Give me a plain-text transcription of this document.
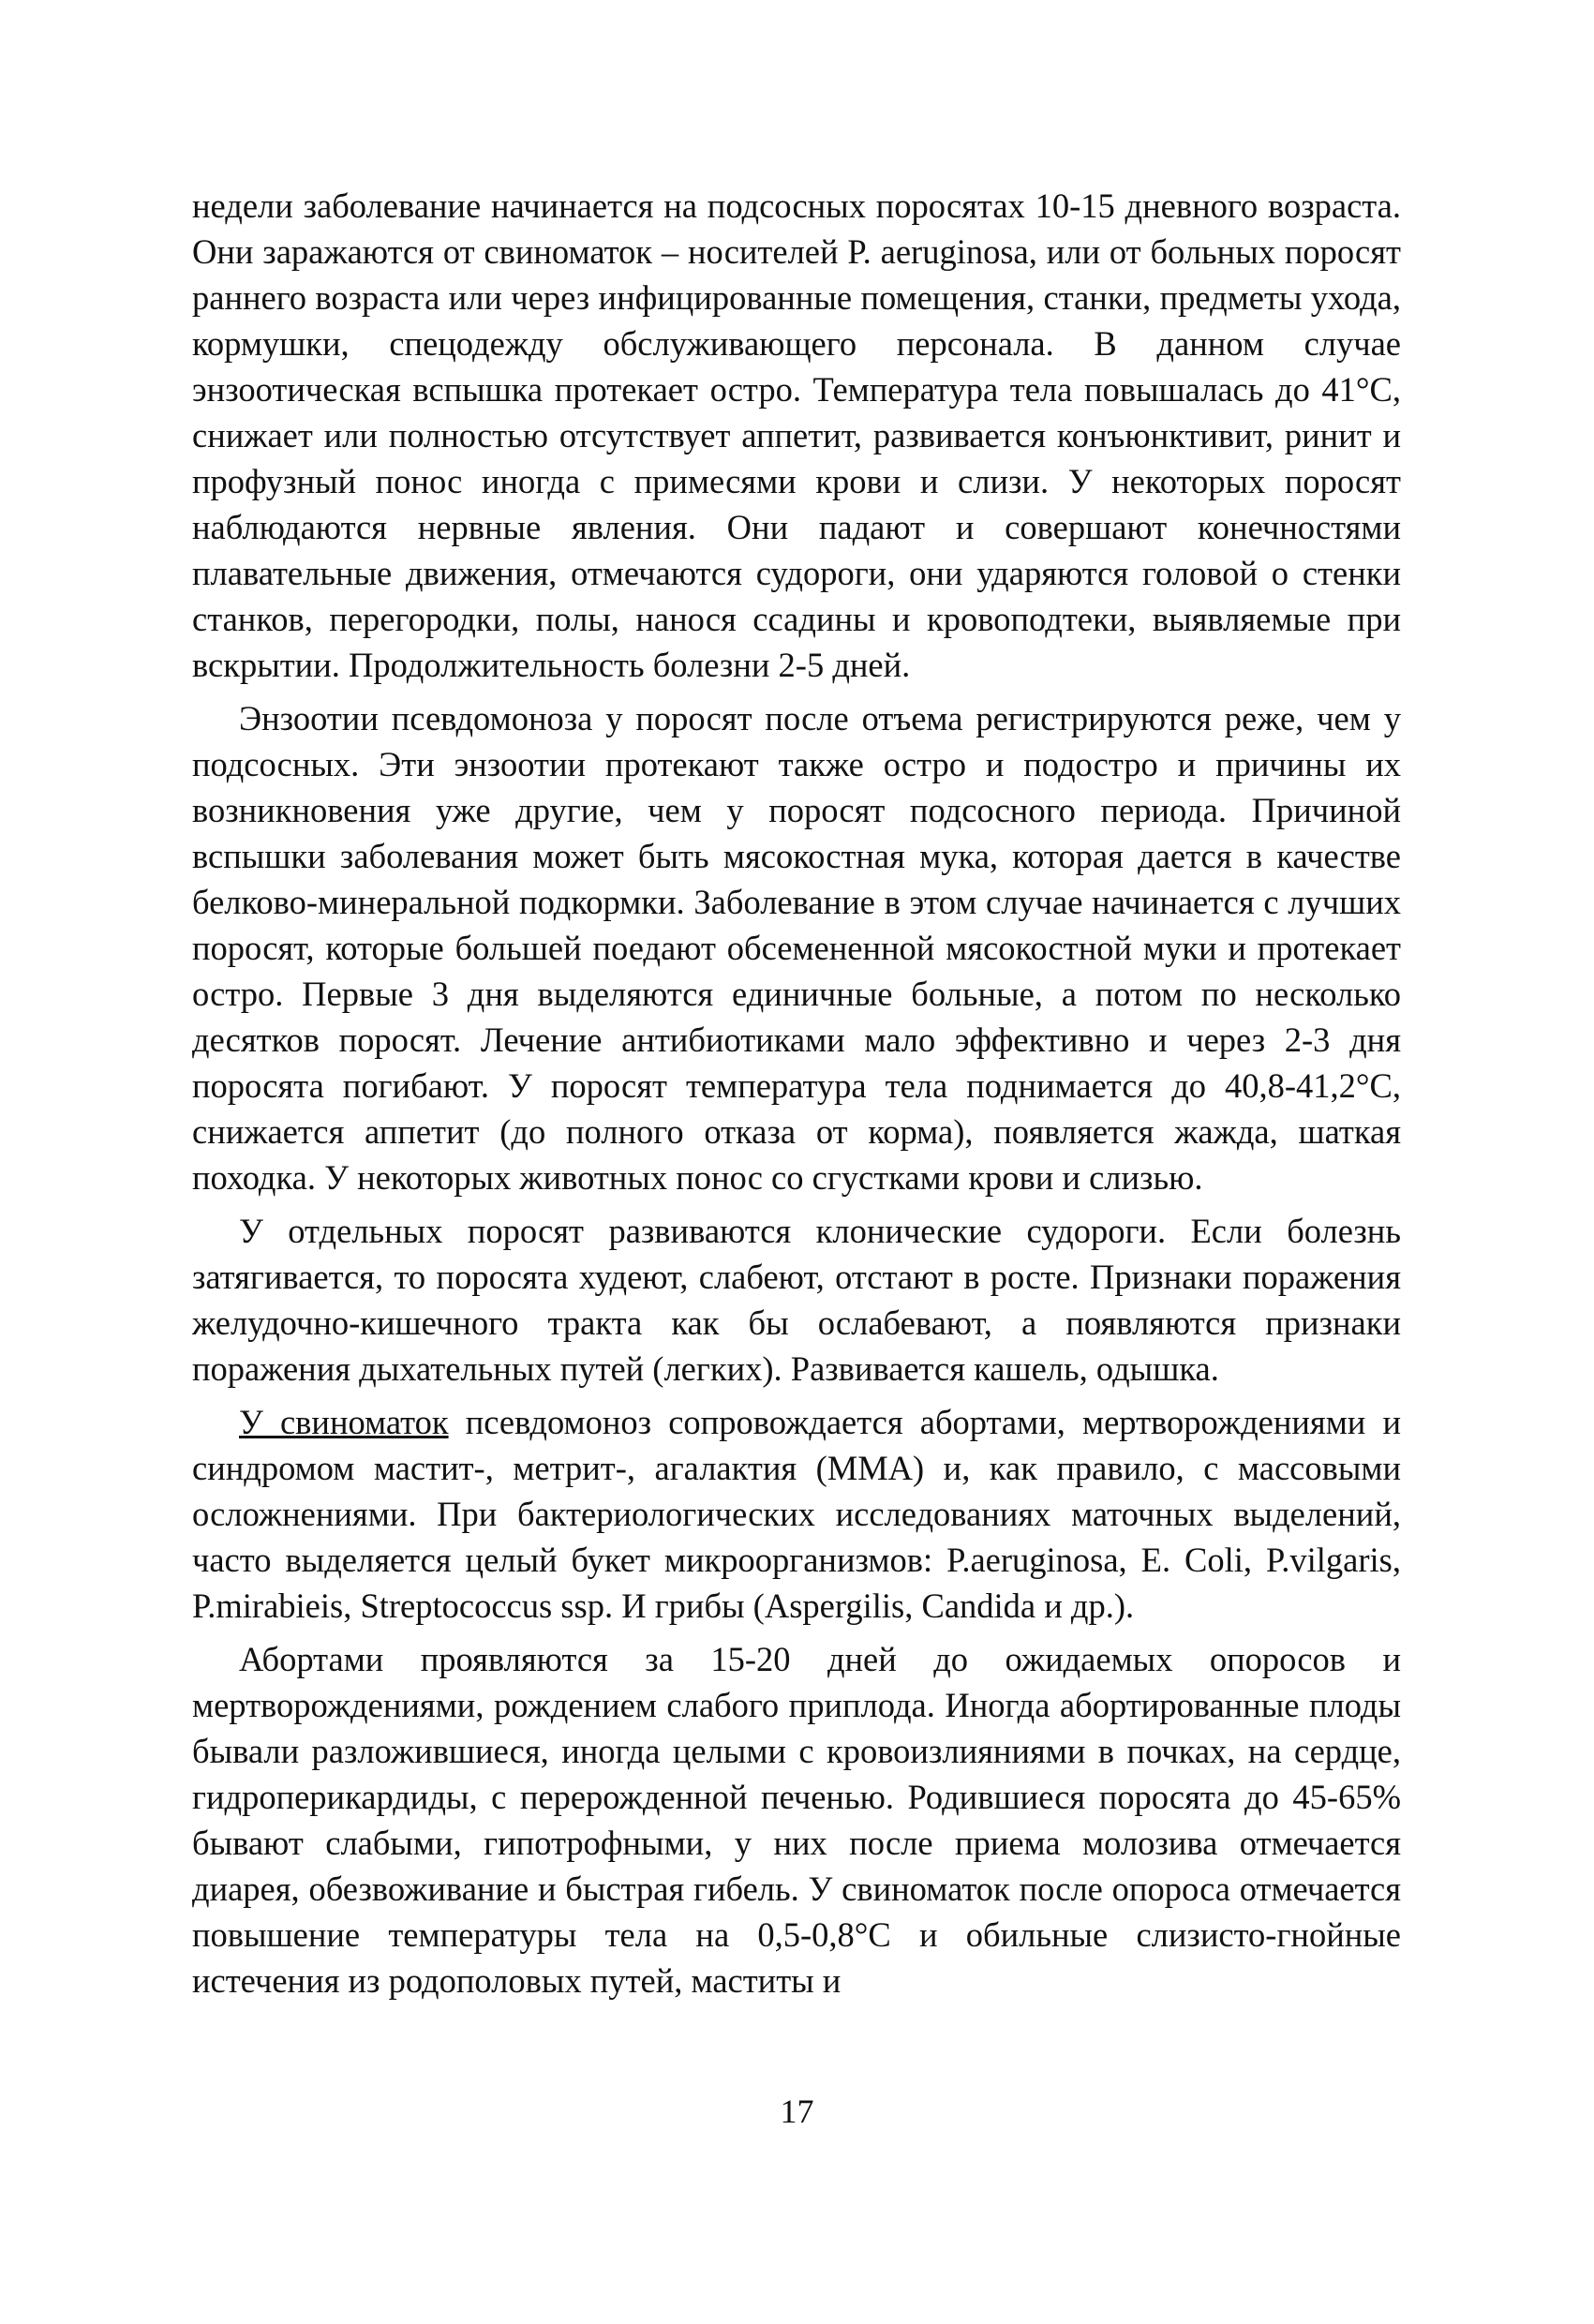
недели заболевание начинается на подсосных поросятах 10-15 дневного возраста. Они заражаются от свиноматок – носителей P. aeruginosa, или от больных поросят раннего возраста или через инфицированные помещения, станки, предметы ухода, кормушки, спецодежду обслуживающего персонала. В данном случае энзоотическая вспышка протекает остро. Температура тела повышалась до 41°С, снижает или полностью отсутствует аппетит, развивается конъюнктивит, ринит и профузный понос иногда с примесями крови и слизи. У некоторых поросят наблюдаются нервные явления. Они падают и совершают конечностями плавательные движения, отмечаются судороги, они ударяются головой о стенки станков, перегородки, полы, нанося ссадины и кровоподтеки, выявляемые при вскрытии. Продолжительность болезни 2-5 дней.

Энзоотии псевдомоноза у поросят после отъема регистрируются реже, чем у подсосных. Эти энзоотии протекают также остро и подостро и причины их возникновения уже другие, чем у поросят подсосного периода. Причиной вспышки заболевания может быть мясокостная мука, которая дается в качестве белково-минеральной подкормки. Заболевание в этом случае начинается с лучших поросят, которые большей поедают обсемененной мясокостной муки и протекает остро. Первые 3 дня выделяются единичные больные, а потом по несколько десятков поросят. Лечение антибиотиками мало эффективно и через 2-3 дня поросята погибают. У поросят температура тела поднимается до 40,8-41,2°С, снижается аппетит (до полного отказа от корма), появляется жажда, шаткая походка. У некоторых животных понос со сгустками крови и слизью.

У отдельных поросят развиваются клонические судороги. Если болезнь затягивается, то поросята худеют, слабеют, отстают в росте. Признаки поражения желудочно-кишечного тракта как бы ослабевают, а появляются признаки поражения дыхательных путей (легких). Развивается кашель, одышка.

У свиноматок псевдомоноз сопровождается абортами, мертворождениями и синдромом мастит-, метрит-, агалактия (ММА) и, как правило, с массовыми осложнениями. При бактериологических исследованиях маточных выделений, часто выделяется целый букет микроорганизмов: P.aeruginosa, E. Coli, P.vilgaris, P.mirabieis, Streptococcus ssp. И грибы (Aspergilis, Candida и др.).

Абортами проявляются за 15-20 дней до ожидаемых опоросов и мертворождениями, рождением слабого приплода. Иногда абортированные плоды бывали разложившиеся, иногда целыми с кровоизлияниями в почках, на сердце, гидроперикардиды, с перерожденной печенью. Родившиеся поросята до 45-65% бывают слабыми, гипотрофными, у них после приема молозива отмечается диарея, обезвоживание и быстрая гибель. У свиноматок после опороса отмечается повышение температуры тела на 0,5-0,8°С и обильные слизисто-гнойные истечения из родополовых путей, маститы и

17
